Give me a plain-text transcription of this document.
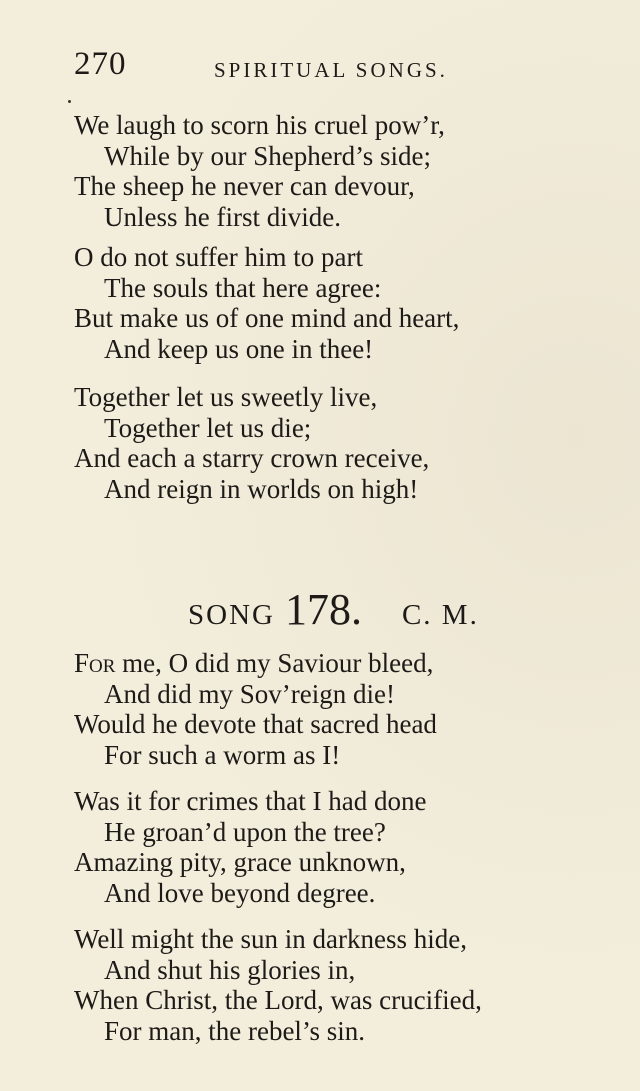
270	SPIRITUAL SONGS.
We laugh to scorn his cruel pow’r,
While by our Shepherd’s side;
The sheep he never can devour,
Unless he first divide.
O do not suffer him to part
The souls that here agree:
But make us of one mind and heart,
And keep us one in thee!
Together let us sweetly live,
Together let us die;
And each a starry crown receive,
And reign in worlds on high!
SONG 178. C. M.
For me, O did my Saviour bleed,
And did my Sov’reign die!
Would he devote that sacred head
For such a worm as I!
Was it for crimes that I had done
He groan’d upon the tree?
Amazing pity, grace unknown,
And love beyond degree.
Well might the sun in darkness hide,
And shut his glories in,
When Christ, the Lord, was crucified,
For man, the rebel’s sin.
